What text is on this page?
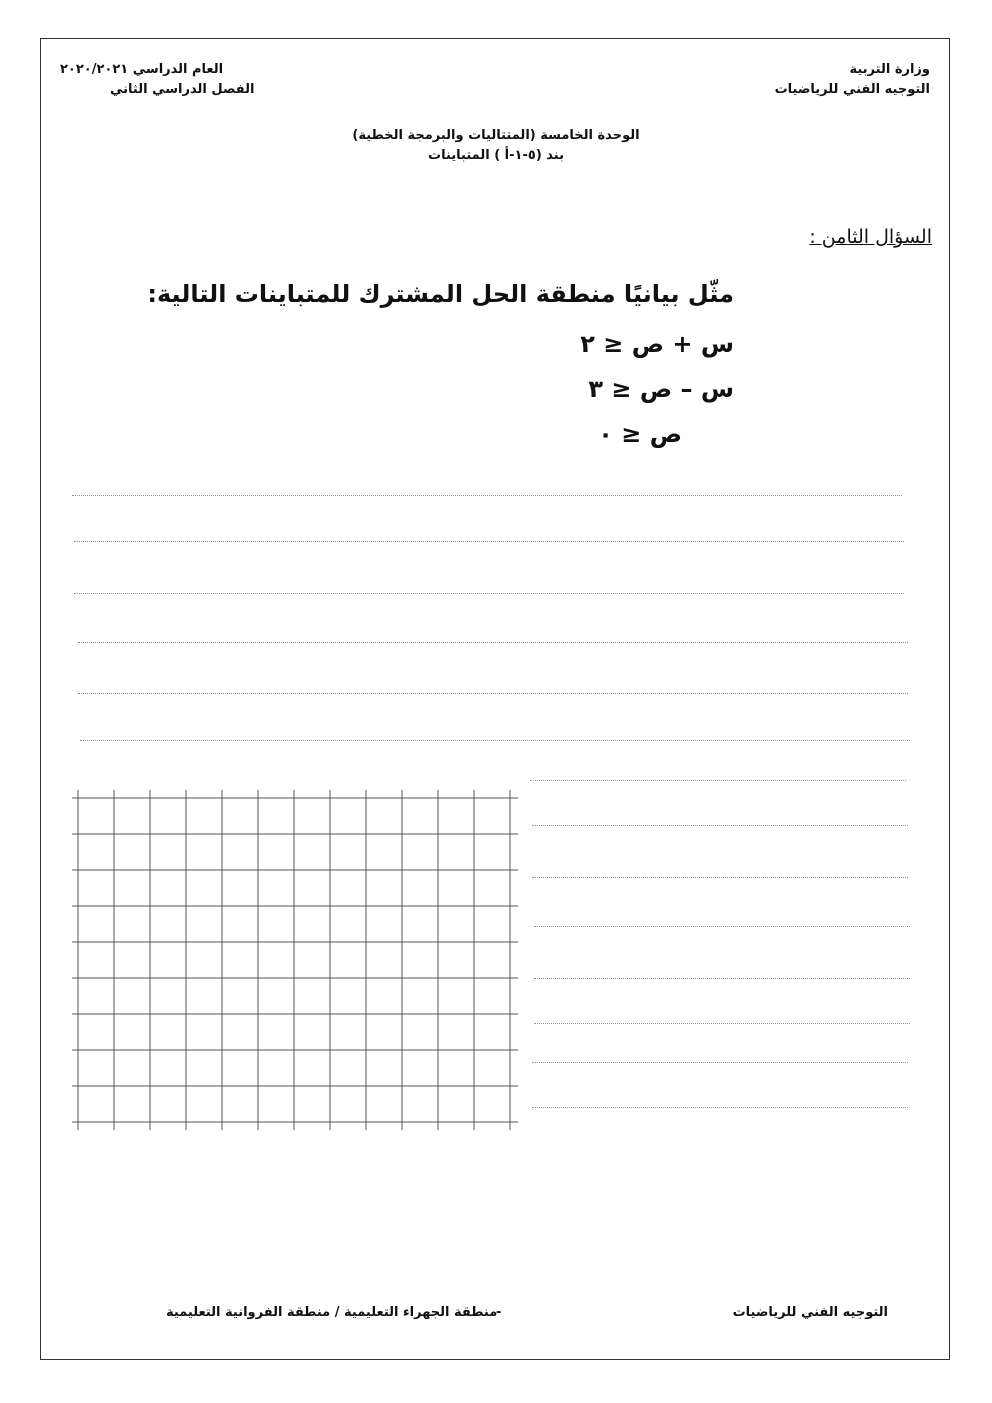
وزارة التربية
التوجيه الفني للرياضيات
العام الدراسي ٢٠٢٠/٢٠٢١
الفصل الدراسي الثاني
الوحدة الخامسة (المتتاليات والبرمجة الخطية)
بند (٥-١-أ ) المتباينات
السؤال الثامن :
مثّل بيانيًا منطقة الحل المشترك للمتباينات التالية:
س + ص ≤ ٢
س – ص ≤ ٣
ص ≤ ٠
التوجيه الفني للرياضيات
-
منطقة الجهراء التعليمية / منطقة الفروانية التعليمية
